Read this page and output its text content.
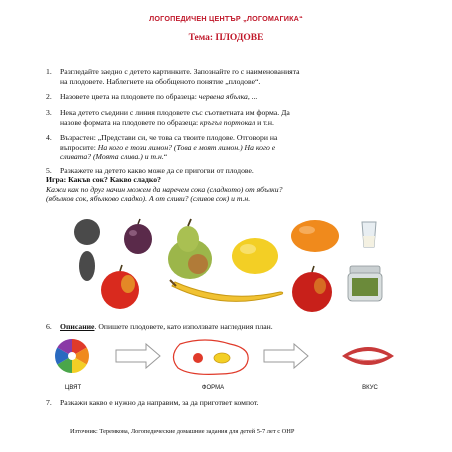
ЛОГОПЕДИЧЕН ЦЕНТЪР „ЛОГОМАГИКА“
Тема: ПЛОДОВЕ
1. Разгледайте заедно с детето картинките. Запознайте го с наименованията
на плодовете. Наблегнете на обобщеното понятие „плодове“.
2. Назовете цвета на плодовете по образеца: червена ябълка, ...
3. Нека детето съедини с линия плодовете със съответната им форма. Да
назове формата на плодовете по образеца: кръгъл портокал и т.н.
4. Възрастен: „Представи си, че това са твоите плодове. Отговори на
въпросите: На кого е този лимон? (Това е моят лимон.) На кого е
сливата? (Моята слива.) и т.н.“
5. Разкажете на детето какво може да се пригогви от плодове.
Игра: Какъв сок? Какво сладко?
Кажи как по друг начин можем да наречем сока (сладкото) от ябълки?
(ябълков сок, ябълково сладко). А от сливи? (сливов сок) и т.н.
6. Описание. Опишете плодовете, като използвате нагледния план.
ЦВЯТ	ФОРМА	ВКУС
7. Разкажи какво е нужно да направим, за да пригответ компот.
Източник: Теремкова, Логопедические домашние задания для детей 5-7 лет с ОНР
